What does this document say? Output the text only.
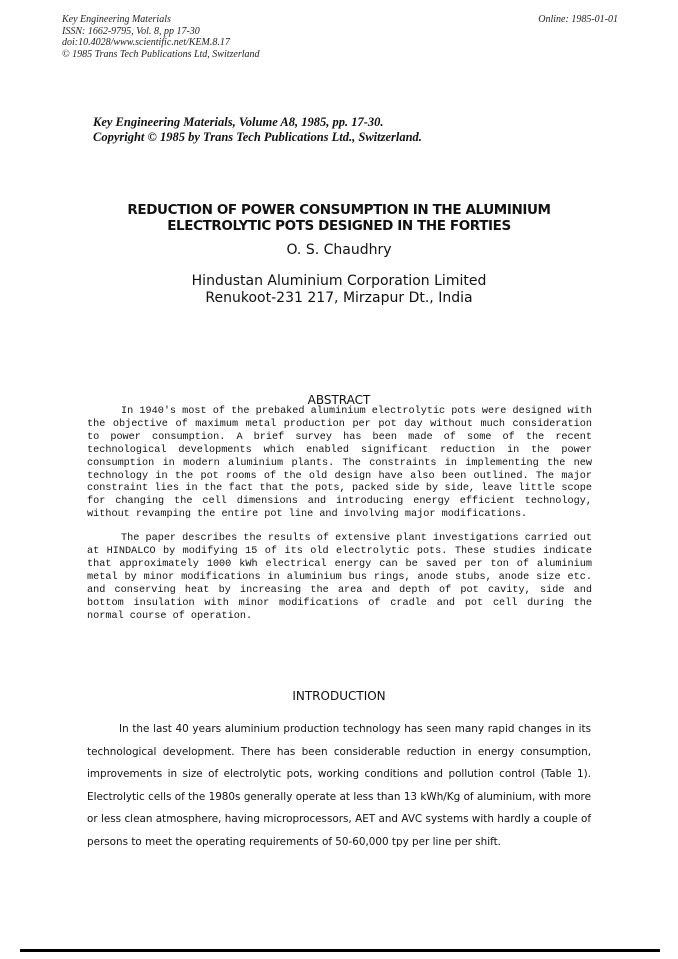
Key Engineering Materials
ISSN: 1662-9795, Vol. 8, pp 17-30
doi:10.4028/www.scientific.net/KEM.8.17
© 1985 Trans Tech Publications Ltd, Switzerland
Online: 1985-01-01
Key Engineering Materials, Volume A8, 1985, pp. 17-30.
Copyright © 1985 by Trans Tech Publications Ltd., Switzerland.
REDUCTION OF POWER CONSUMPTION IN THE ALUMINIUM
ELECTROLYTIC POTS DESIGNED IN THE FORTIES
O. S. Chaudhry
Hindustan Aluminium Corporation Limited
Renukoot-231 217, Mirzapur Dt., India
ABSTRACT

In 1940's most of the prebaked aluminium electrolytic pots were designed with the objective of maximum metal production per pot day without much consideration to power consumption. A brief survey has been made of some of the recent technological developments which enabled significant reduction in the power consumption in modern aluminium plants. The constraints in implementing the new technology in the pot rooms of the old design have also been outlined. The major constraint lies in the fact that the pots, packed side by side, leave little scope for changing the cell dimensions and introducing energy efficient technology, without revamping the entire pot line and involving major modifications.

The paper describes the results of extensive plant investigations carried out at HINDALCO by modifying 15 of its old electrolytic pots. These studies indicate that approximately 1000 kWh electrical energy can be saved per ton of aluminium metal by minor modifications in aluminium bus rings, anode stubs, anode size etc. and conserving heat by increasing the area and depth of pot cavity, side and bottom insulation with minor modifications of cradle and pot cell during the normal course of operation.

INTRODUCTION

In the last 40 years aluminium production technology has seen many rapid changes in its technological development. There has been considerable reduction in energy consumption, improvements in size of electrolytic pots, working conditions and pollution control (Table 1). Electrolytic cells of the 1980s generally operate at less than 13 kWh/Kg of aluminium, with more or less clean atmosphere, having microprocessors, AET and AVC systems with hardly a couple of persons to meet the operating requirements of 50-60,000 tpy per line per shift.
